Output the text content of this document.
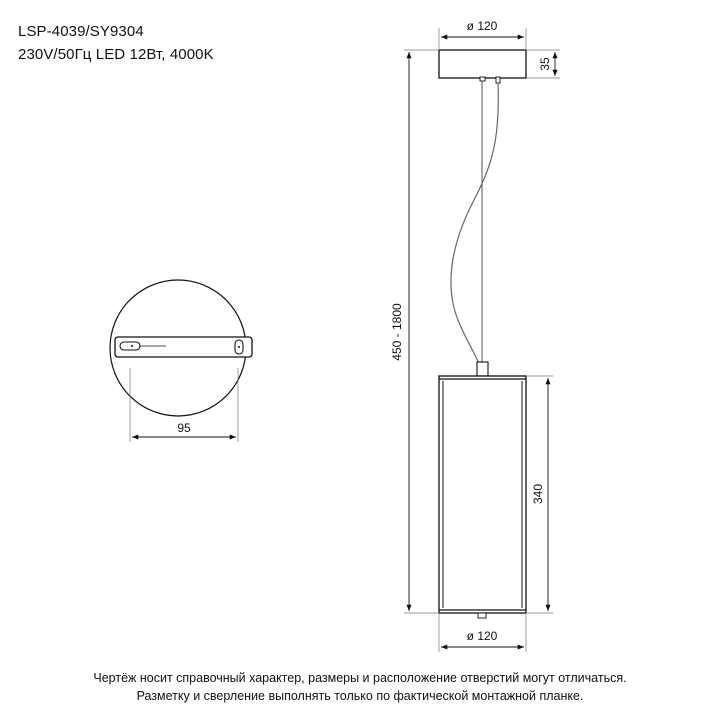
LSP-4039/SY9304
230V/50Гц LED 12Вт, 4000K
95
ø 120
35
450 - 1800
340
ø 120
Чертёж носит справочный характер, размеры и расположение отверстий могут отличаться.
Разметку и сверление выполнять только по фактической монтажной планке.
